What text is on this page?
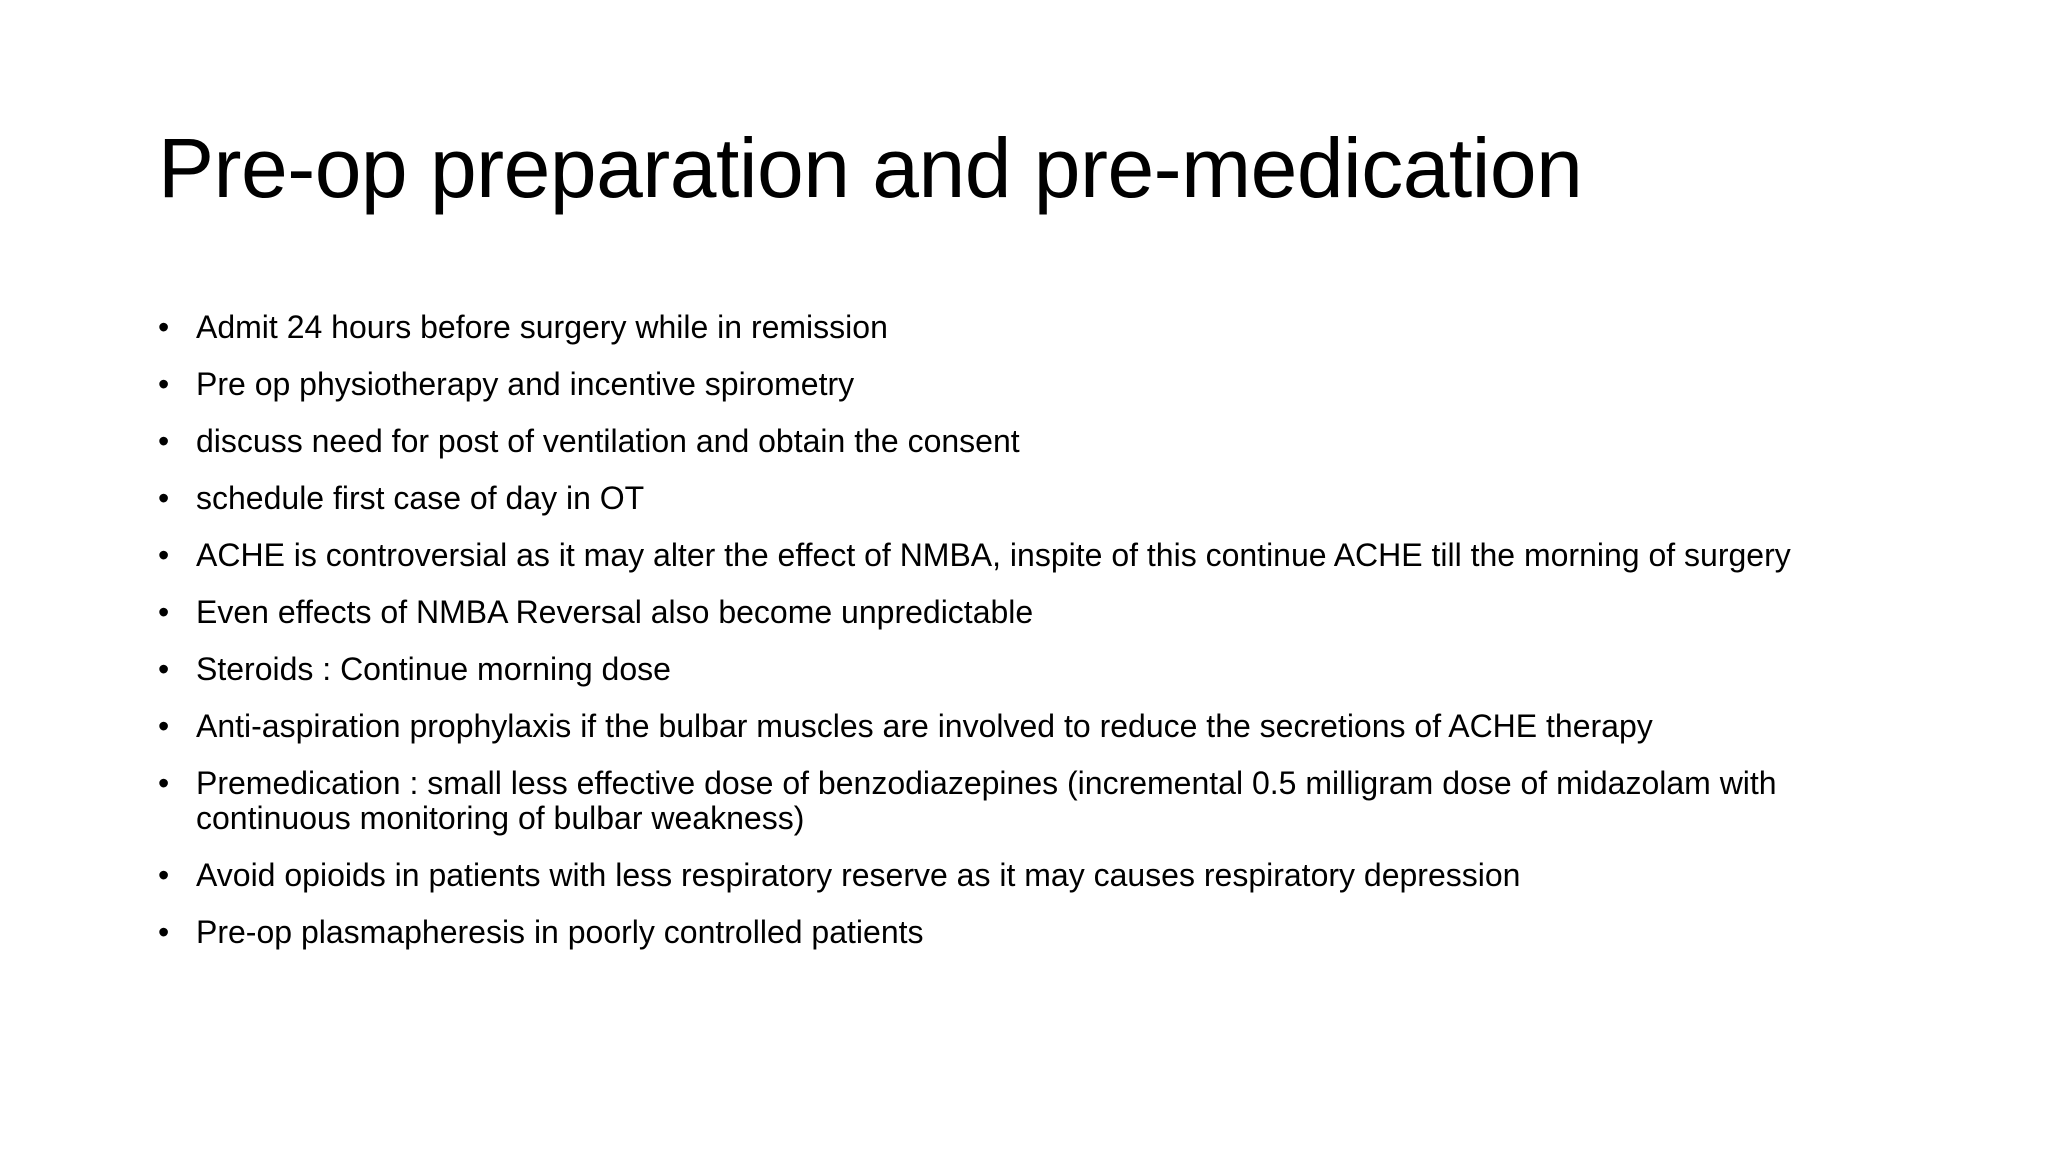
Pre-op preparation and pre-medication
• Admit 24 hours before surgery while in remission
• Pre op physiotherapy and incentive spirometry
• discuss need for post of ventilation and obtain the consent
• schedule first case of day in OT
• ACHE is controversial as it may alter the effect of NMBA, inspite of this continue ACHE till the morning of surgery
• Even effects of NMBA Reversal also become unpredictable
• Steroids : Continue morning dose
• Anti-aspiration prophylaxis if the bulbar muscles are involved to reduce the secretions of ACHE therapy
• Premedication : small less effective dose of benzodiazepines (incremental 0.5 milligram dose of midazolam with continuous monitoring of bulbar weakness)
• Avoid opioids in patients with less respiratory reserve as it may causes respiratory depression
• Pre-op plasmapheresis in poorly controlled patients
